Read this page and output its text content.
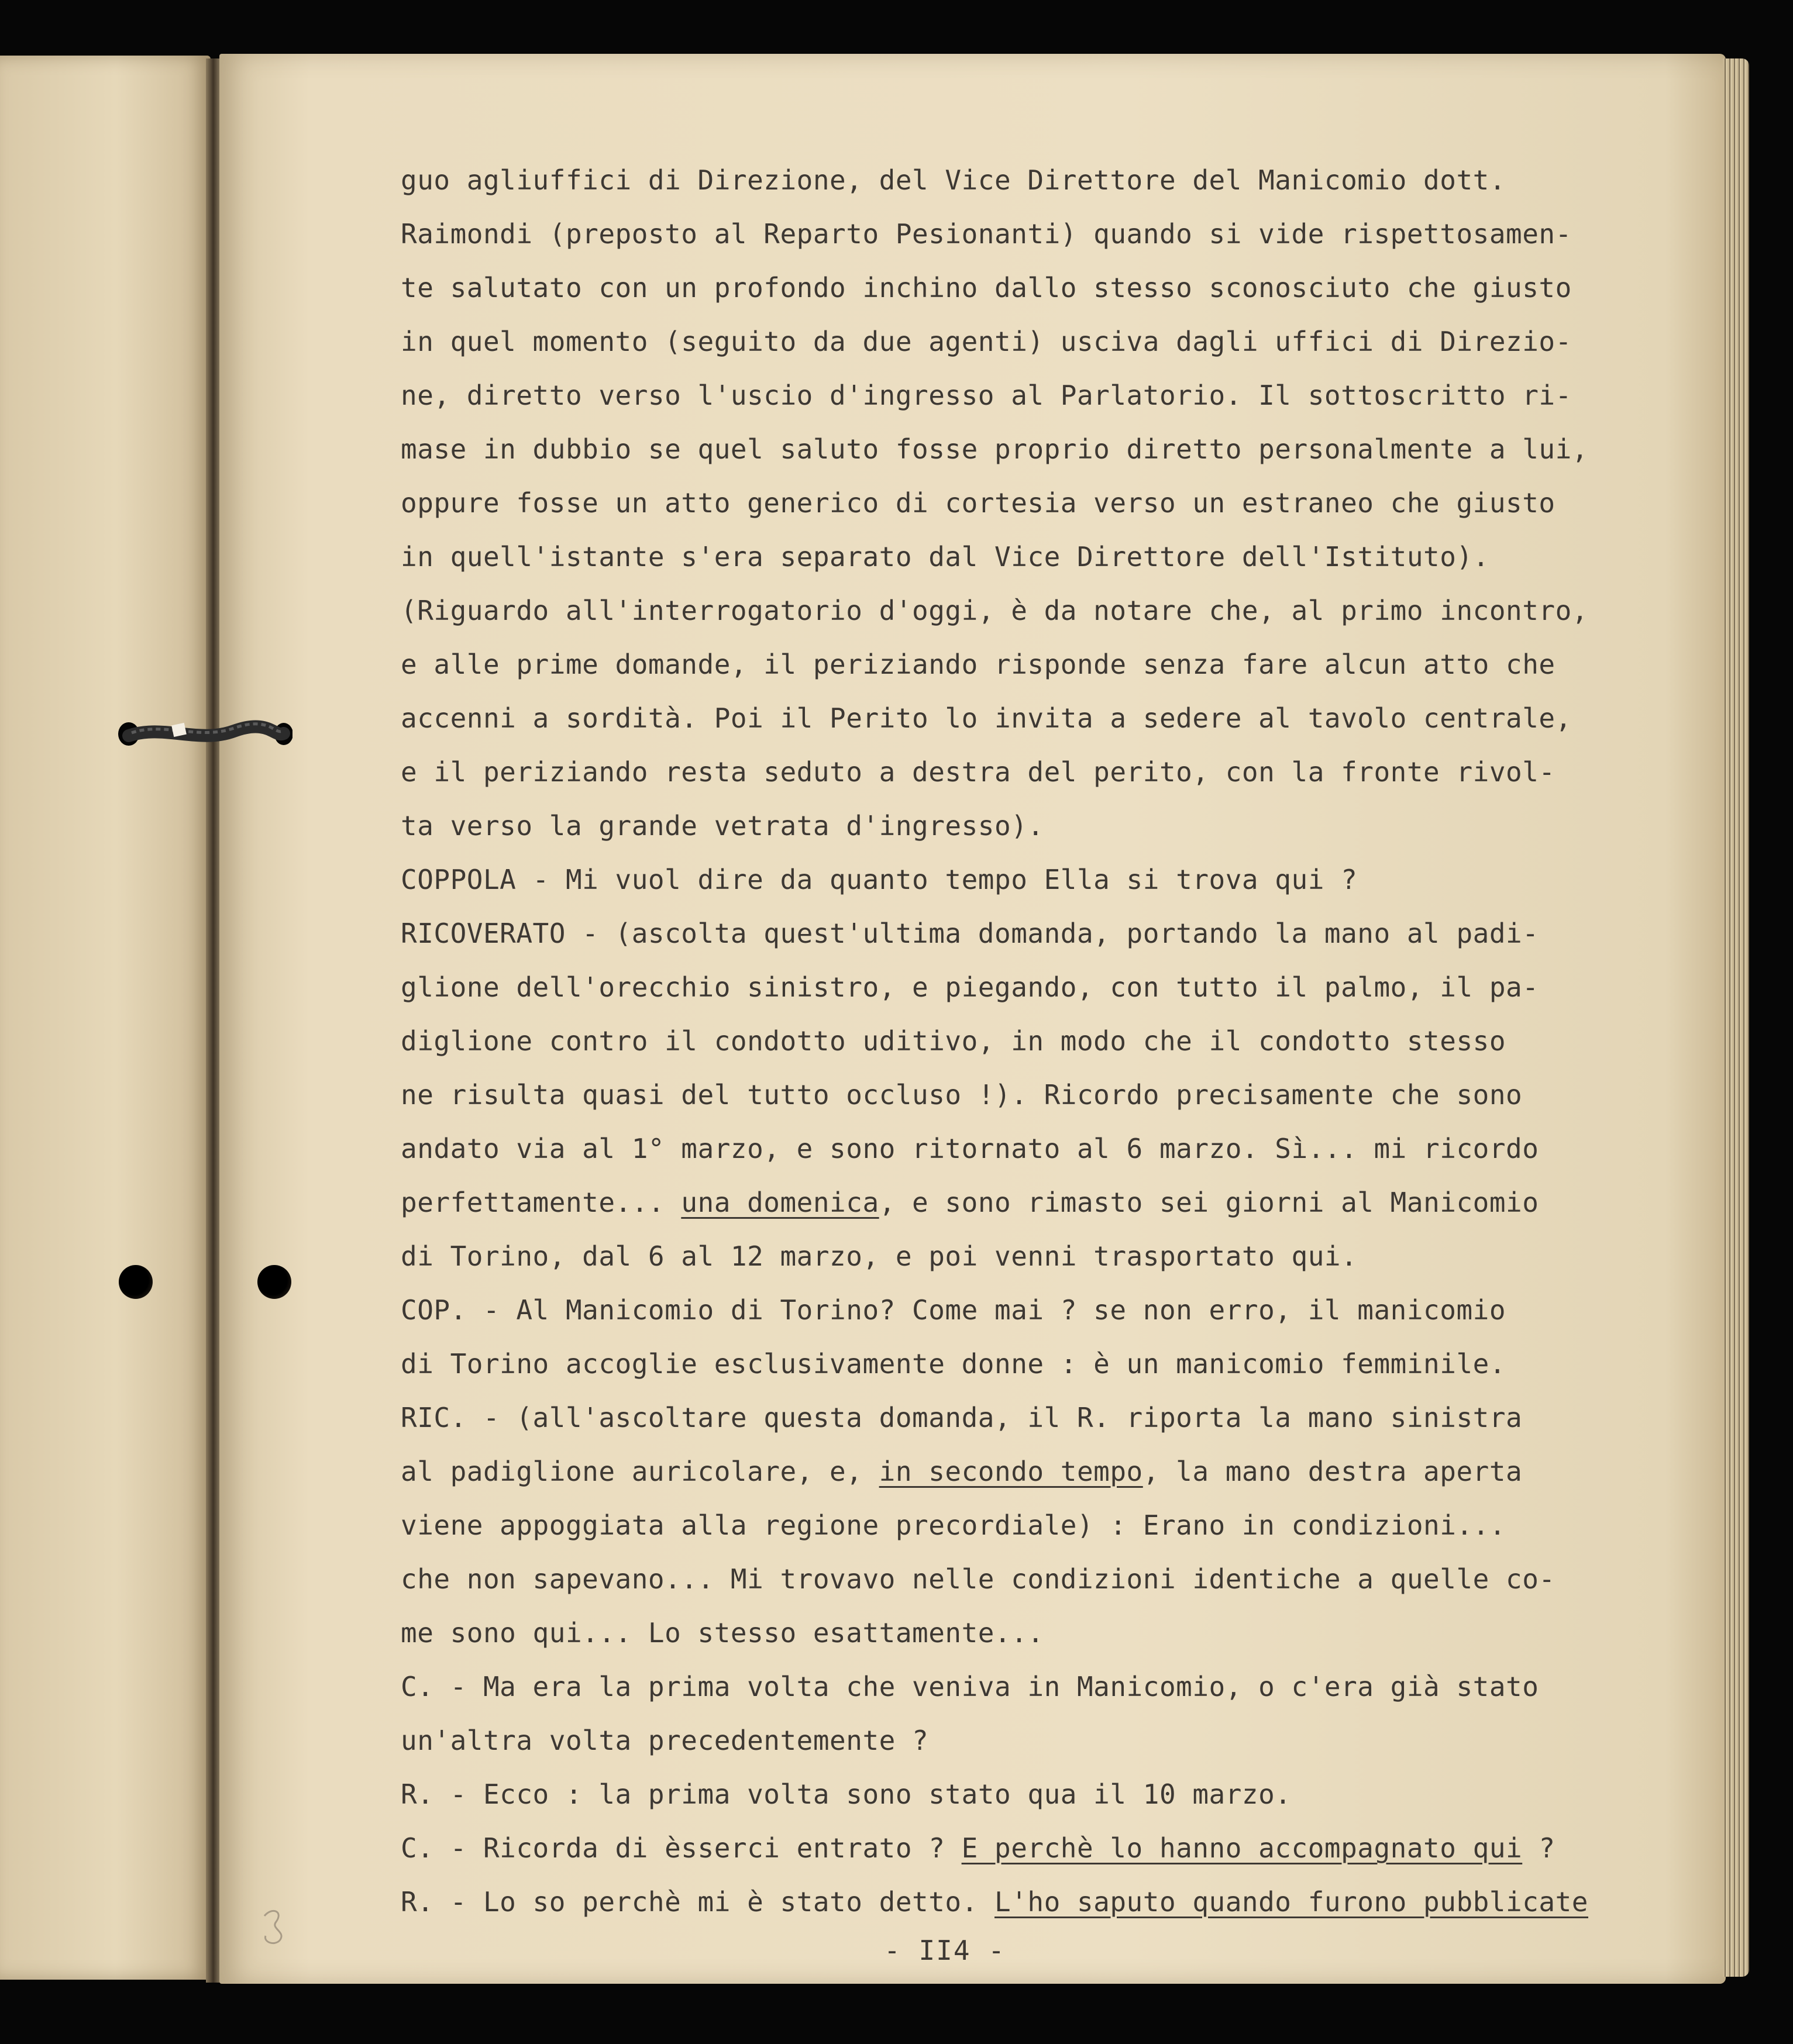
guo agliuffici di Direzione, del Vice Direttore del Manicomio dott.
Raimondi (preposto al Reparto Pesionanti) quando si vide rispettosamen-
te salutato con un profondo inchino dallo stesso sconosciuto che giusto
in quel momento (seguito da due agenti) usciva dagli uffici di Direzio-
ne, diretto verso l'uscio d'ingresso al Parlatorio. Il sottoscritto ri-
mase in dubbio se quel saluto fosse proprio diretto personalmente a lui,
oppure fosse un atto generico di cortesia verso un estraneo che giusto
in quell'istante s'era separato dal Vice Direttore dell'Istituto).
(Riguardo all'interrogatorio d'oggi, è da notare che, al primo incontro,
e alle prime domande, il periziando risponde senza fare alcun atto che
accenni a sordità. Poi il Perito lo invita a sedere al tavolo centrale,
e il periziando resta seduto a destra del perito, con la fronte rivol-
ta verso la grande vetrata d'ingresso).
COPPOLA - Mi vuol dire da quanto tempo Ella si trova qui ?
RICOVERATO - (ascolta quest'ultima domanda, portando la mano al padi-
glione dell'orecchio sinistro, e piegando, con tutto il palmo, il pa-
diglione contro il condotto uditivo, in modo che il condotto stesso
ne risulta quasi del tutto occluso !). Ricordo precisamente che sono
andato via al 1° marzo, e sono ritornato al 6 marzo. Sì... mi ricordo
perfettamente... una domenica, e sono rimasto sei giorni al Manicomio
di Torino, dal 6 al 12 marzo, e poi venni trasportato qui.
COP. - Al Manicomio di Torino? Come mai ? se non erro, il manicomio
di Torino accoglie esclusivamente donne : è un manicomio femminile.
RIC. - (all'ascoltare questa domanda, il R. riporta la mano sinistra
al padiglione auricolare, e, in secondo tempo, la mano destra aperta
viene appoggiata alla regione precordiale) : Erano in condizioni...
che non sapevano... Mi trovavo nelle condizioni identiche a quelle co-
me sono qui... Lo stesso esattamente...
C. - Ma era la prima volta che veniva in Manicomio, o c'era già stato
un'altra volta precedentemente ?
R. - Ecco : la prima volta sono stato qua il 10 marzo.
C. - Ricorda di èsserci entrato ? E perchè lo hanno accompagnato qui ?
R. - Lo so perchè mi è stato detto. L'ho saputo quando furono pubblicate
- II4 -
